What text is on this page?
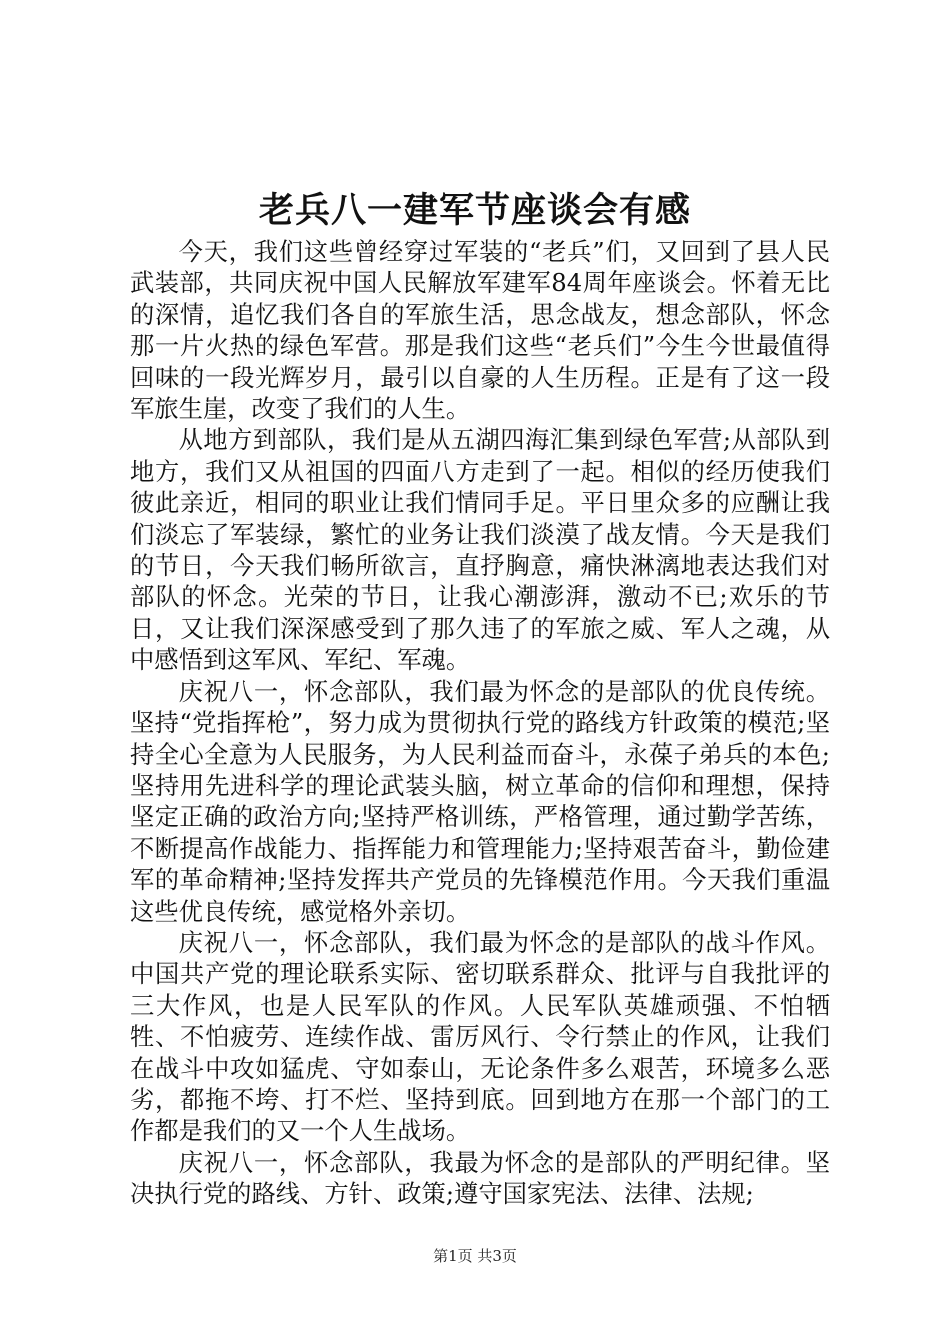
老兵八一建军节座谈会有感

今天，我们这些曾经穿过军装的“老兵”们，又回到了县人民武装部，共同庆祝中国人民解放军建军84周年座谈会。怀着无比的深情，追忆我们各自的军旅生活，思念战友，想念部队，怀念那一片火热的绿色军营。那是我们这些“老兵们”今生今世最值得回味的一段光辉岁月，最引以自豪的人生历程。正是有了这一段军旅生崖，改变了我们的人生。

从地方到部队，我们是从五湖四海汇集到绿色军营;从部队到地方，我们又从祖国的四面八方走到了一起。相似的经历使我们彼此亲近，相同的职业让我们情同手足。平日里众多的应酬让我们淡忘了军装绿，繁忙的业务让我们淡漠了战友情。今天是我们的节日，今天我们畅所欲言，直抒胸意，痛快淋漓地表达我们对部队的怀念。光荣的节日，让我心潮澎湃，激动不已;欢乐的节日，又让我们深深感受到了那久违了的军旅之威、军人之魂，从中感悟到这军风、军纪、军魂。

庆祝八一，怀念部队，我们最为怀念的是部队的优良传统。坚持“党指挥枪”，努力成为贯彻执行党的路线方针政策的模范;坚持全心全意为人民服务，为人民利益而奋斗，永葆子弟兵的本色;坚持用先进科学的理论武装头脑，树立革命的信仰和理想，保持坚定正确的政治方向;坚持严格训练，严格管理，通过勤学苦练，不断提高作战能力、指挥能力和管理能力;坚持艰苦奋斗，勤俭建军的革命精神;坚持发挥共产党员的先锋模范作用。今天我们重温这些优良传统，感觉格外亲切。

庆祝八一，怀念部队，我们最为怀念的是部队的战斗作风。中国共产党的理论联系实际、密切联系群众、批评与自我批评的三大作风，也是人民军队的作风。人民军队英雄顽强、不怕牺牲、不怕疲劳、连续作战、雷厉风行、令行禁止的作风，让我们在战斗中攻如猛虎、守如泰山，无论条件多么艰苦，环境多么恶劣，都拖不垮、打不烂、坚持到底。回到地方在那一个部门的工作都是我们的又一个人生战场。

庆祝八一，怀念部队，我最为怀念的是部队的严明纪律。坚决执行党的路线、方针、政策;遵守国家宪法、法律、法规;

第1页 共3页
